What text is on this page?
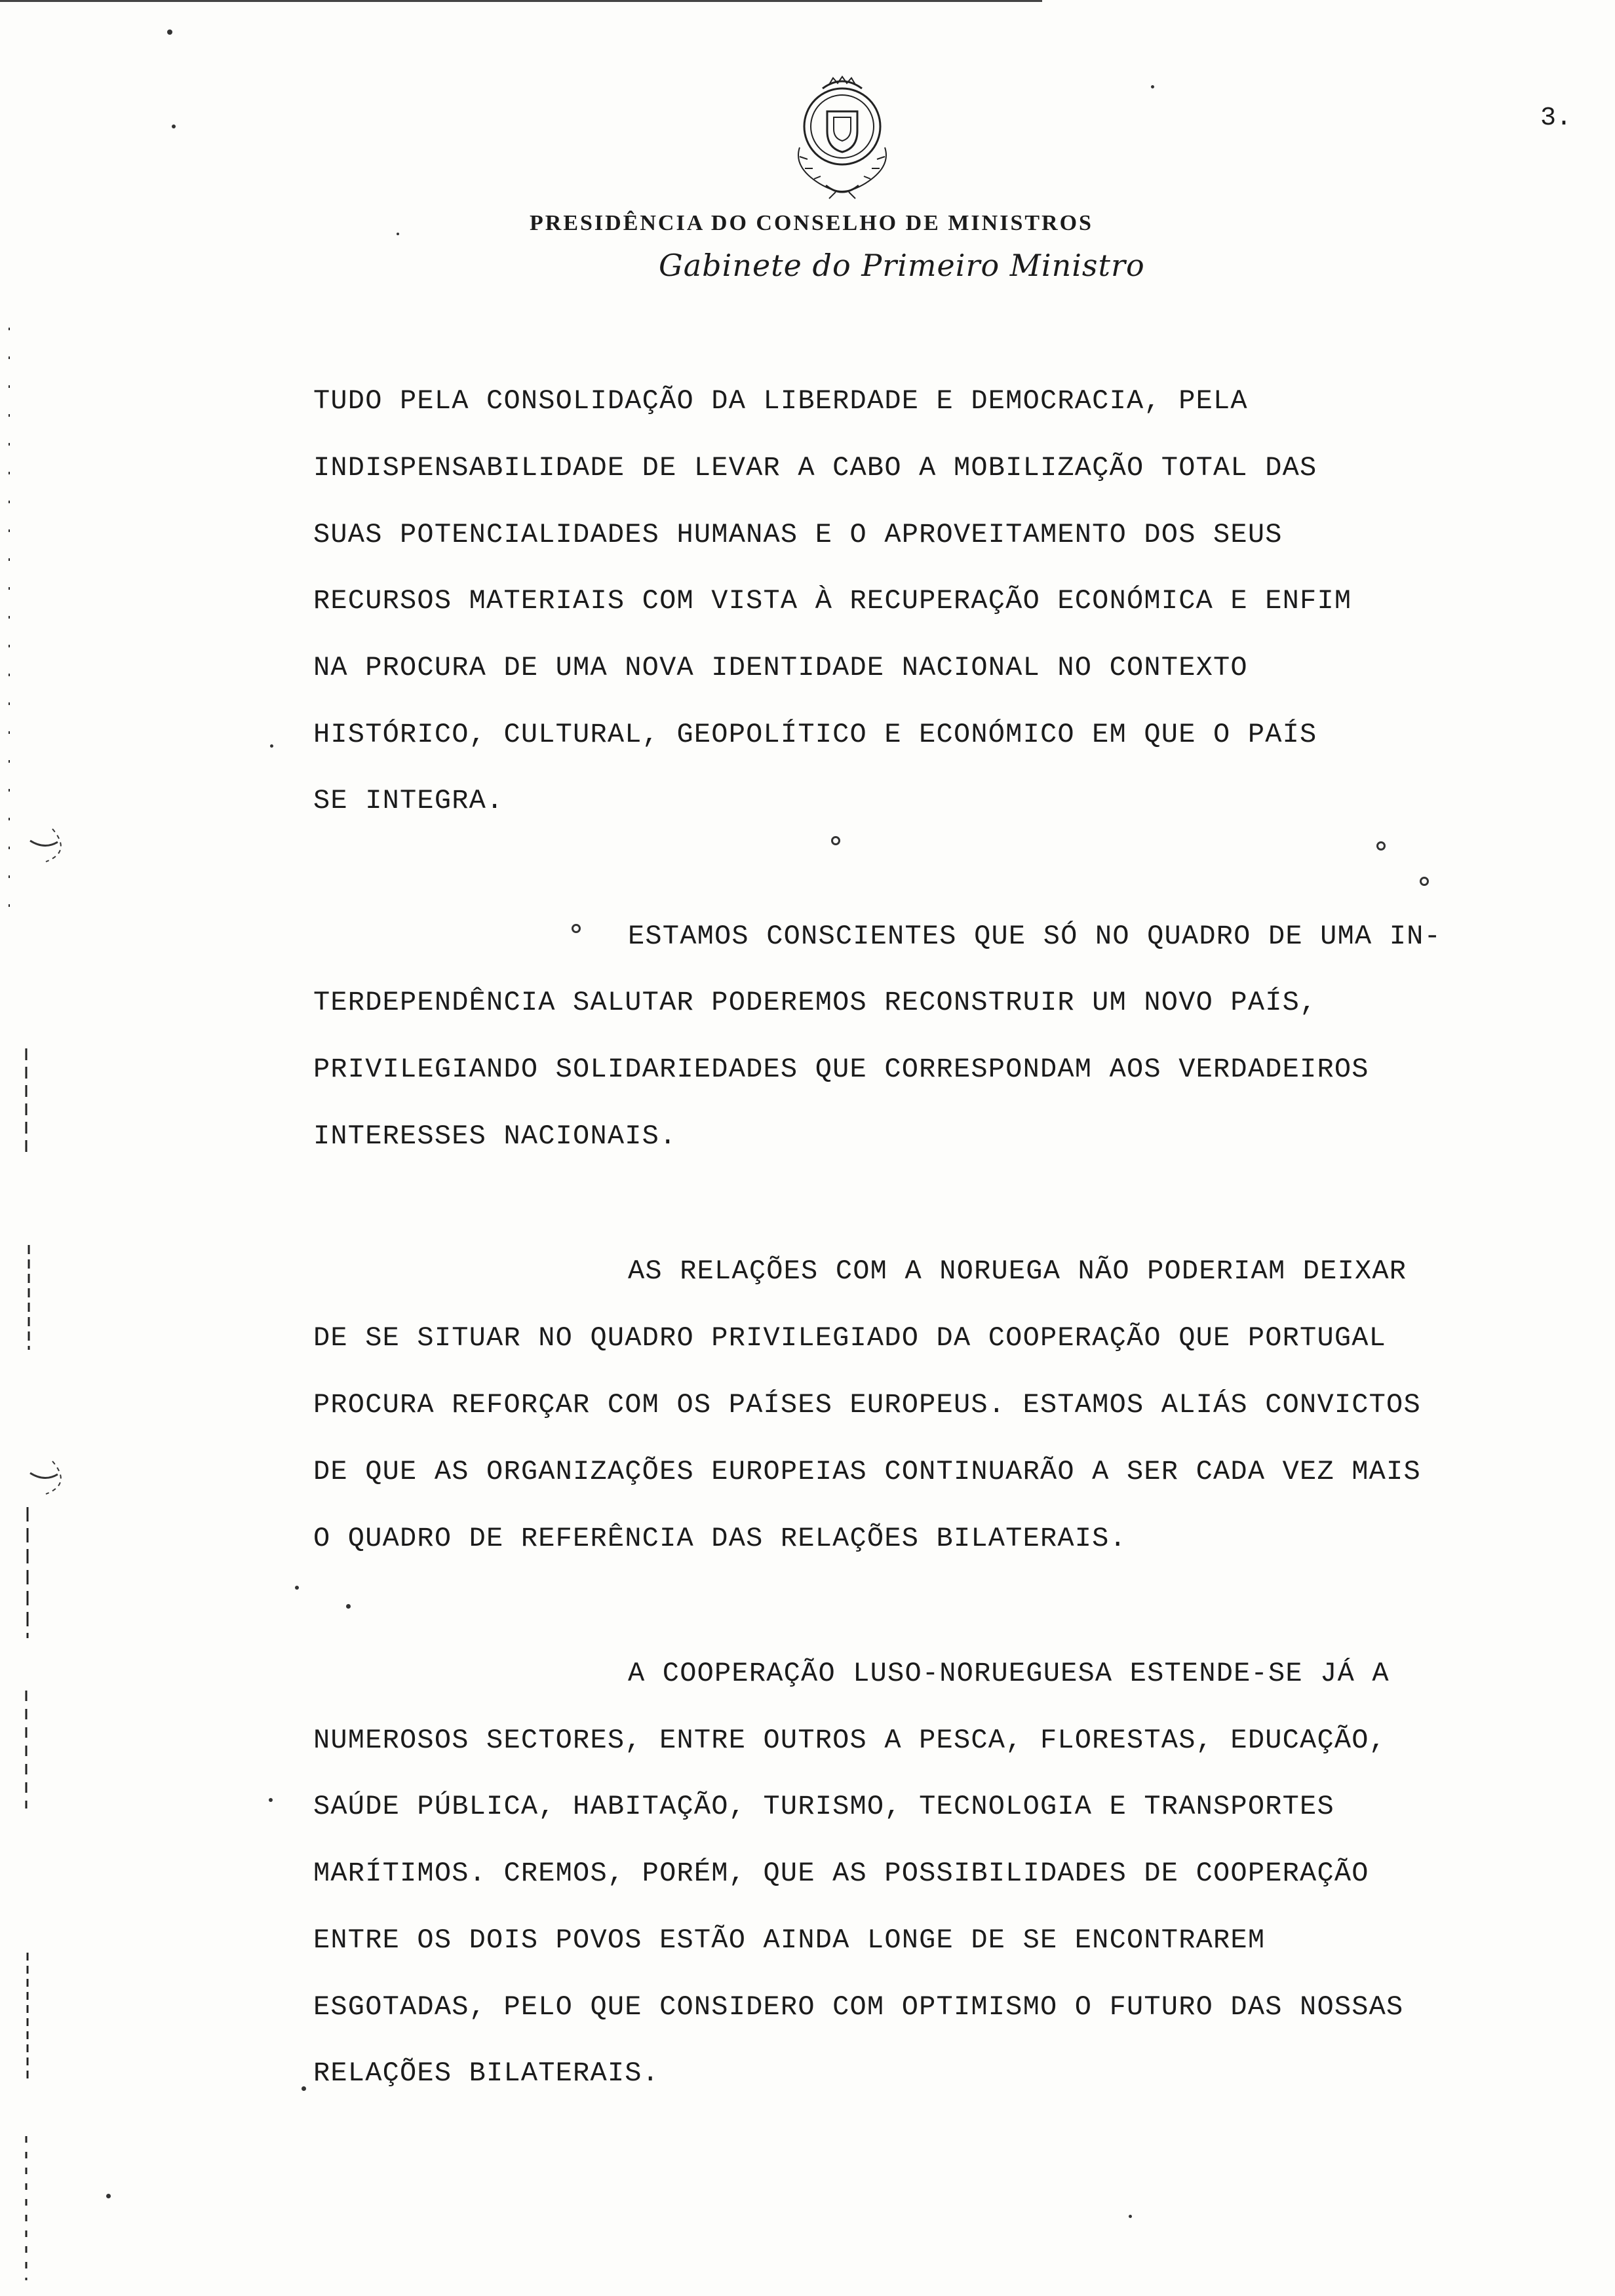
3.
PRESIDÊNCIA DO CONSELHO DE MINISTROS
Gabinete do Primeiro Ministro
TUDO PELA CONSOLIDAÇÃO DA LIBERDADE E DEMOCRACIA, PELA
INDISPENSABILIDADE DE LEVAR A CABO A MOBILIZAÇÃO TOTAL DAS
SUAS POTENCIALIDADES HUMANAS E O APROVEITAMENTO DOS SEUS
RECURSOS MATERIAIS COM VISTA À RECUPERAÇÃO ECONÓMICA E ENFIM
NA PROCURA DE UMA NOVA IDENTIDADE NACIONAL NO CONTEXTO
HISTÓRICO, CULTURAL, GEOPOLÍTICO E ECONÓMICO EM QUE O PAÍS
SE INTEGRA.
ESTAMOS CONSCIENTES QUE SÓ NO QUADRO DE UMA IN-
TERDEPENDÊNCIA SALUTAR PODEREMOS RECONSTRUIR UM NOVO PAÍS,
PRIVILEGIANDO SOLIDARIEDADES QUE CORRESPONDAM AOS VERDADEIROS
INTERESSES NACIONAIS.
AS RELAÇÕES COM A NORUEGA NÃO PODERIAM DEIXAR
DE SE SITUAR NO QUADRO PRIVILEGIADO DA COOPERAÇÃO QUE PORTUGAL
PROCURA REFORÇAR COM OS PAÍSES EUROPEUS. ESTAMOS ALIÁS CONVICTOS
DE QUE AS ORGANIZAÇÕES EUROPEIAS CONTINUARÃO A SER CADA VEZ MAIS
O QUADRO DE REFERÊNCIA DAS RELAÇÕES BILATERAIS.
A COOPERAÇÃO LUSO-NORUEGUESA ESTENDE-SE JÁ A
NUMEROSOS SECTORES, ENTRE OUTROS A PESCA, FLORESTAS, EDUCAÇÃO,
SAÚDE PÚBLICA, HABITAÇÃO, TURISMO, TECNOLOGIA E TRANSPORTES
MARÍTIMOS. CREMOS, PORÉM, QUE AS POSSIBILIDADES DE COOPERAÇÃO
ENTRE OS DOIS POVOS ESTÃO AINDA LONGE DE SE ENCONTRAREM
ESGOTADAS, PELO QUE CONSIDERO COM OPTIMISMO O FUTURO DAS NOSSAS
RELAÇÕES BILATERAIS.
